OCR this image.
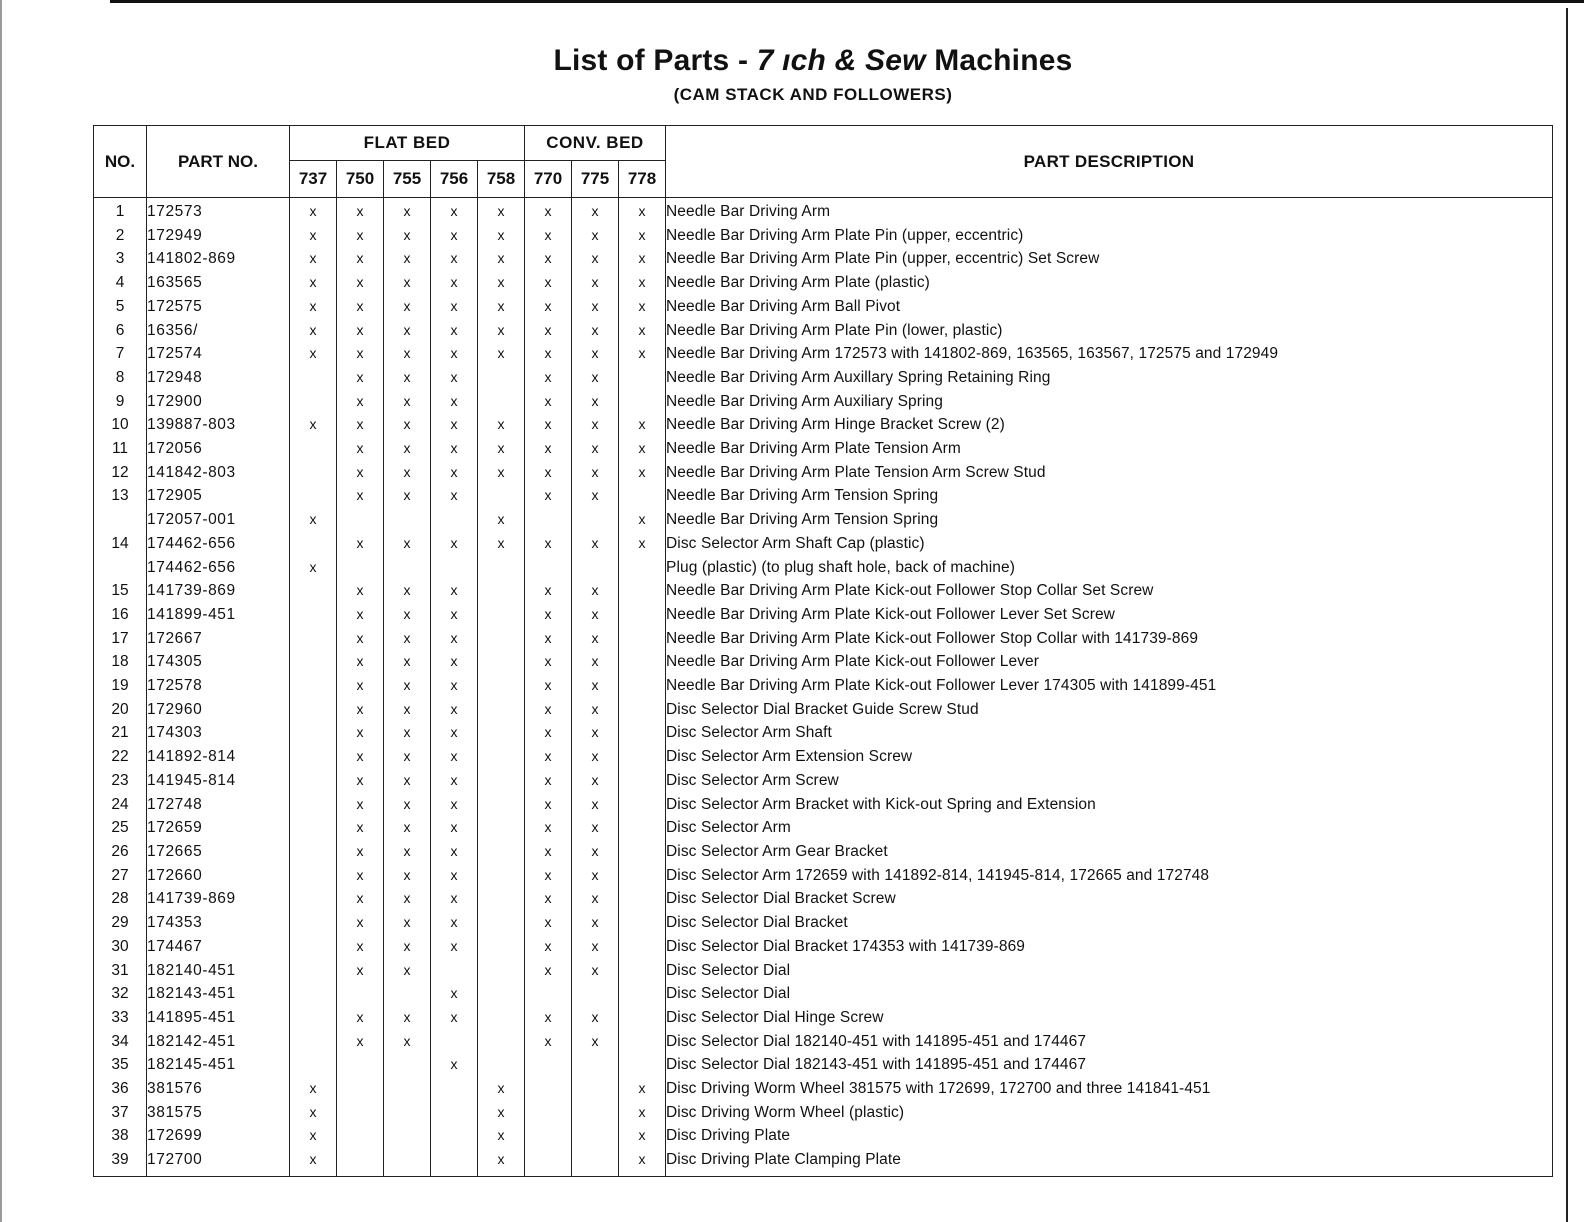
List of Parts - 7 ıch & Sew Machines
(CAM STACK AND FOLLOWERS)
NO.	PART NO.	FLAT BED					CONV. BED			PART DESCRIPTION
		737	750	755	756	758	770	775	778	
1	172573	x	x	x	x	x	x	x	x	Needle Bar Driving Arm
2	172949	x	x	x	x	x	x	x	x	Needle Bar Driving Arm Plate Pin (upper, eccentric)
3	141802-869	x	x	x	x	x	x	x	x	Needle Bar Driving Arm Plate Pin (upper, eccentric) Set Screw
4	163565	x	x	x	x	x	x	x	x	Needle Bar Driving Arm Plate (plastic)
5	172575	x	x	x	x	x	x	x	x	Needle Bar Driving Arm Ball Pivot
6	16356/	x	x	x	x	x	x	x	x	Needle Bar Driving Arm Plate Pin (lower, plastic)
7	172574	x	x	x	x	x	x	x	x	Needle Bar Driving Arm 172573 with 141802-869, 163565, 163567, 172575 and 172949
8	172948		x	x	x		x	x		Needle Bar Driving Arm Auxillary Spring Retaining Ring
9	172900		x	x	x		x	x		Needle Bar Driving Arm Auxiliary Spring
10	139887-803	x	x	x	x	x	x	x	x	Needle Bar Driving Arm Hinge Bracket Screw (2)
11	172056		x	x	x	x	x	x	x	Needle Bar Driving Arm Plate Tension Arm
12	141842-803		x	x	x	x	x	x	x	Needle Bar Driving Arm Plate Tension Arm Screw Stud
13	172905		x	x	x		x	x		Needle Bar Driving Arm Tension Spring
	172057-001	x				x			x	Needle Bar Driving Arm Tension Spring
14	174462-656		x	x	x	x	x	x	x	Disc Selector Arm Shaft Cap (plastic)
	174462-656	x								Plug (plastic) (to plug shaft hole, back of machine)
15	141739-869		x	x	x		x	x		Needle Bar Driving Arm Plate Kick-out Follower Stop Collar Set Screw
16	141899-451		x	x	x		x	x		Needle Bar Driving Arm Plate Kick-out Follower Lever Set Screw
17	172667		x	x	x		x	x		Needle Bar Driving Arm Plate Kick-out Follower Stop Collar with 141739-869
18	174305		x	x	x		x	x		Needle Bar Driving Arm Plate Kick-out Follower Lever
19	172578		x	x	x		x	x		Needle Bar Driving Arm Plate Kick-out Follower Lever 174305 with 141899-451
20	172960		x	x	x		x	x		Disc Selector Dial Bracket Guide Screw Stud
21	174303		x	x	x		x	x		Disc Selector Arm Shaft
22	141892-814		x	x	x		x	x		Disc Selector Arm Extension Screw
23	141945-814		x	x	x		x	x		Disc Selector Arm Screw
24	172748		x	x	x		x	x		Disc Selector Arm Bracket with Kick-out Spring and Extension
25	172659		x	x	x		x	x		Disc Selector Arm
26	172665		x	x	x		x	x		Disc Selector Arm Gear Bracket
27	172660		x	x	x		x	x		Disc Selector Arm 172659 with 141892-814, 141945-814, 172665 and 172748
28	141739-869		x	x	x		x	x		Disc Selector Dial Bracket Screw
29	174353		x	x	x		x	x		Disc Selector Dial Bracket
30	174467		x	x	x		x	x		Disc Selector Dial Bracket 174353 with 141739-869
31	182140-451		x	x			x	x		Disc Selector Dial
32	182143-451				x					Disc Selector Dial
33	141895-451		x	x	x		x	x		Disc Selector Dial Hinge Screw
34	182142-451		x	x			x	x		Disc Selector Dial 182140-451 with 141895-451 and 174467
35	182145-451				x					Disc Selector Dial 182143-451 with 141895-451 and 174467
36	381576	x				x			x	Disc Driving Worm Wheel 381575 with 172699, 172700 and three 141841-451
37	381575	x				x			x	Disc Driving Worm Wheel (plastic)
38	172699	x				x			x	Disc Driving Plate
39	172700	x				x			x	Disc Driving Plate Clamping Plate
